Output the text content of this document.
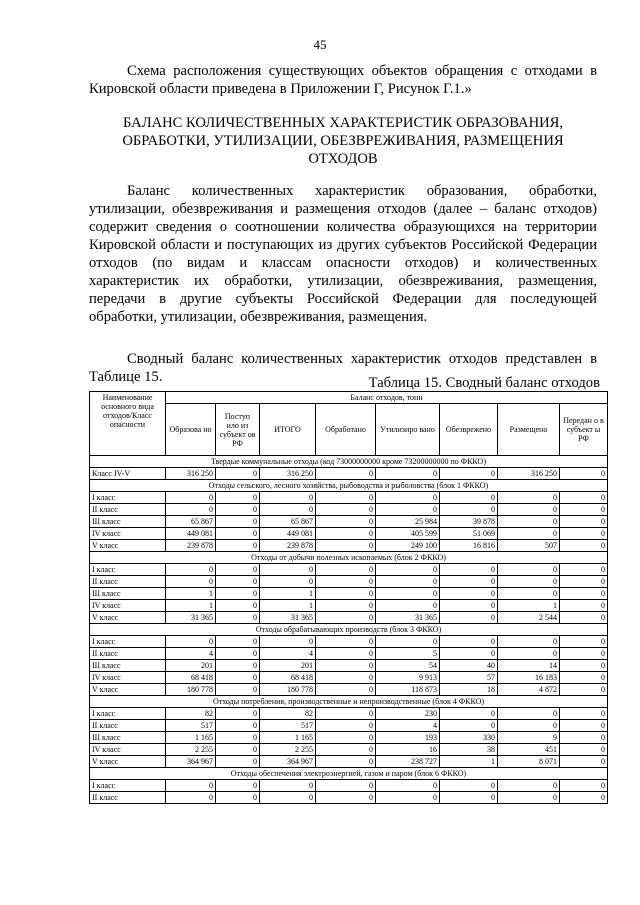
45
Схема расположения существующих объектов обращения с отходами в Кировской области приведена в Приложении Г, Рисунок Г.1.»
БАЛАНС КОЛИЧЕСТВЕННЫХ ХАРАКТЕРИСТИК ОБРАЗОВАНИЯ,
ОБРАБОТКИ, УТИЛИЗАЦИИ, ОБЕЗВРЕЖИВАНИЯ, РАЗМЕЩЕНИЯ
ОТХОДОВ
Баланс количественных характеристик образования, обработки, утилизации, обезвреживания и размещения отходов (далее – баланс отходов) содержит сведения о соотношении количества образующихся на территории Кировской области и поступающих из других субъектов Российской Федерации отходов (по видам и классам опасности отходов) и количественных характеристик их обработки, утилизации, обезвреживания, размещения, передачи в другие субъекты Российской Федерации для последующей обработки, утилизации, обезвреживания, размещения.
Сводный баланс количественных характеристик отходов представлен в Таблице 15.	Таблица 15. Сводный баланс отходов
Наименование основного вида отходов/Класс опасности	Баланс отходов, тонн							
	Образова но	Поступ ило из субъект ов РФ	ИТОГО	Обработано	Утилизиро вано	Обезврежено	Размещено	Передан о в субъект ы РФ
Твердые коммунальные отходы (код 73000000000 кроме 73200000000 по ФККО)								
Класс IV-V	316 250	0	316 250	0	0	0	316 250	0
Отходы сельского, лесного хозяйства, рыбоводства и рыболовства (блок 1 ФККО)								
I класс	0	0	0	0	0	0	0	0
II класс	0	0	0	0	0	0	0	0
III класс	65 867	0	65 867	0	25 984	39 878	0	0
IV класс	449 081	0	449 081	0	405 599	51 069	0	0
V класс	239 878	0	239 878	0	249 100	16 816	507	0
Отходы от добычи полезных ископаемых (блок 2 ФККО)								
I класс	0	0	0	0	0	0	0	0
II класс	0	0	0	0	0	0	0	0
III класс	1	0	1	0	0	0	0	0
IV класс	1	0	1	0	0	0	1	0
V класс	31 365	0	31 365	0	31 365	0	2 544	0
Отходы обрабатывающих производств (блок 3 ФККО)								
I класс	0	0	0	0	0	0	0	0
II класс	4	0	4	0	5	0	0	0
III класс	201	0	201	0	54	40	14	0
IV класс	68 418	0	68 418	0	9 913	57	16 183	0
V класс	180 778	0	180 778	0	118 873	18	4 872	0
Отходы потребления, производственные и непроизводственные (блок 4 ФККО)								
I класс	82	0	82	0	230	0	0	0
II класс	517	0	517	0	4	0	0	0
III класс	1 165	0	1 165	0	193	330	9	0
IV класс	2 255	0	2 255	0	16	38	451	0
V класс	364 967	0	364 967	0	238 727	1	8 071	0
Отходы обеспечения электроэнергией, газом и паром (блок 6 ФККО)								
I класс	0	0	0	0	0	0	0	0
II класс	0	0	0	0	0	0	0	0
